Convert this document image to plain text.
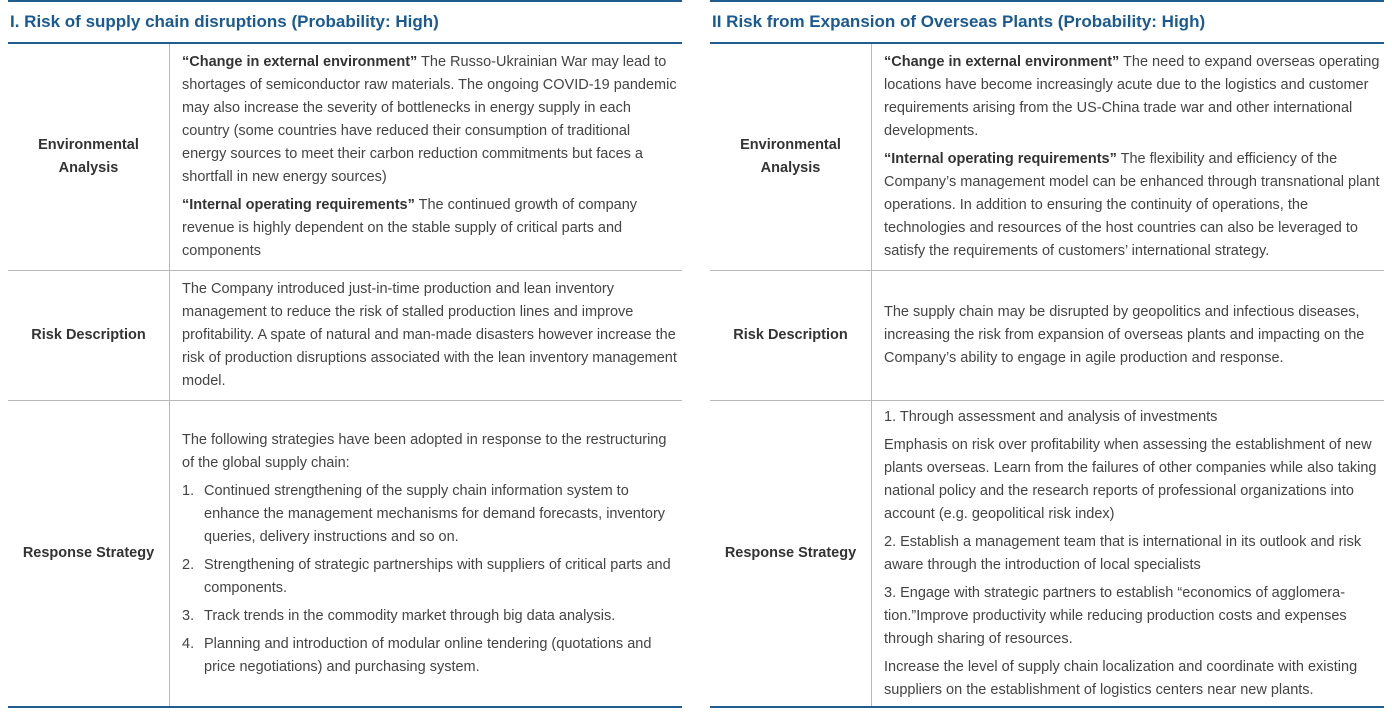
I. Risk of supply chain disruptions (Probability: High)
Environmental Analysis

“Change in external environment” The Russo-Ukrainian War may lead to shortages of semiconductor raw materials. The ongoing COVID-19 pandemic may also increase the severity of bottlenecks in energy supply in each country (some countries have reduced their consumption of traditional energy sources to meet their carbon reduction commitments but faces a shortfall in new energy sources)

“Internal operating requirements” The continued growth of company revenue is highly dependent on the stable supply of critical parts and components

Risk Description

The Company introduced just-in-time production and lean inventory management to reduce the risk of stalled production lines and improve profitability. A spate of natural and man-made disasters however increase the risk of production disruptions associated with the lean inventory management model.

Response Strategy

The following strategies have been adopted in response to the restructuring of the global supply chain:

1. Continued strengthening of the supply chain information system to enhance the management mechanisms for demand forecasts, inventory queries, delivery instructions and so on.
2. Strengthening of strategic partnerships with suppliers of critical parts and components.
3. Track trends in the commodity market through big data analysis.
4. Planning and introduction of modular online tendering (quotations and price negotiations) and purchasing system.
II Risk from Expansion of Overseas Plants (Probability: High)
Environmental Analysis

“Change in external environment” The need to expand overseas operating locations have become increasingly acute due to the logistics and customer requirements arising from the US-China trade war and other international developments.

“Internal operating requirements” The flexibility and efficiency of the Company’s management model can be enhanced through transnational plant operations. In addition to ensuring the continuity of operations, the technologies and resources of the host countries can also be leveraged to satisfy the requirements of customers’ international strategy.

Risk Description

The supply chain may be disrupted by geopolitics and infectious diseases, increasing the risk from expansion of overseas plants and impacting on the Company’s ability to engage in agile production and response.

Response Strategy

1. Through assessment and analysis of investments

Emphasis on risk over profitability when assessing the establishment of new plants overseas. Learn from the failures of other companies while also taking national policy and the research reports of professional organizations into account (e.g. geopolitical risk index)

2. Establish a management team that is international in its outlook and risk aware through the introduction of local specialists

3. Engage with strategic partners to establish “economics of agglomeration.”Improve productivity while reducing production costs and expenses through sharing of resources.

Increase the level of supply chain localization and coordinate with existing suppliers on the establishment of logistics centers near new plants.
